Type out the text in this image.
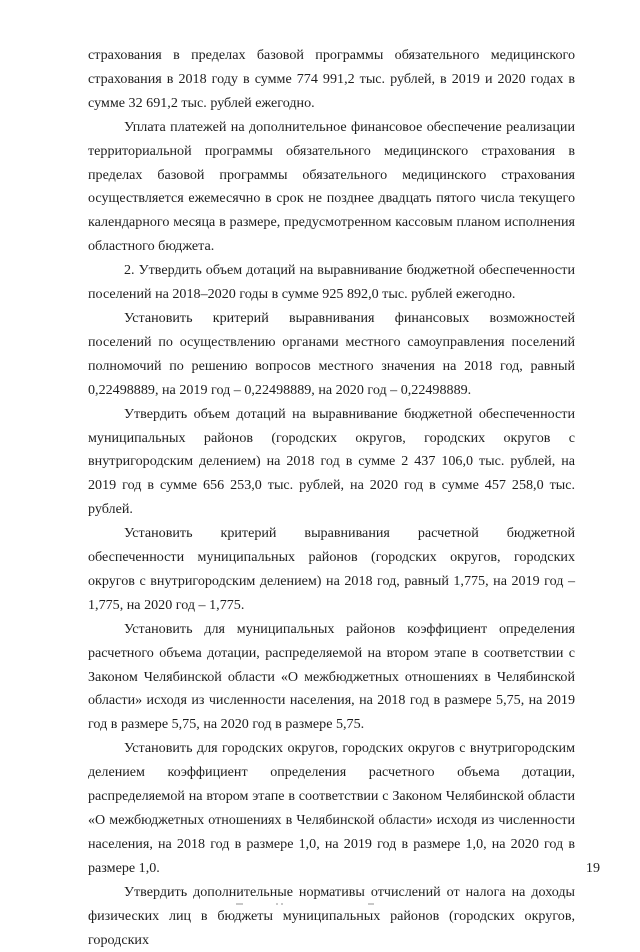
страхования в пределах базовой программы обязательного медицинского страхования в 2018 году в сумме 774 991,2 тыс. рублей, в 2019 и 2020 годах в сумме 32 691,2 тыс. рублей ежегодно.

Уплата платежей на дополнительное финансовое обеспечение реализации территориальной программы обязательного медицинского страхования в пределах базовой программы обязательного медицинского страхования осуществляется ежемесячно в срок не позднее двадцать пятого числа текущего календарного месяца в размере, предусмотренном кассовым планом исполнения областного бюджета.

2. Утвердить объем дотаций на выравнивание бюджетной обеспеченности поселений на 2018–2020 годы в сумме 925 892,0 тыс. рублей ежегодно.

Установить критерий выравнивания финансовых возможностей поселений по осуществлению органами местного самоуправления поселений полномочий по решению вопросов местного значения на 2018 год, равный 0,22498889, на 2019 год – 0,22498889, на 2020 год – 0,22498889.

Утвердить объем дотаций на выравнивание бюджетной обеспеченности муниципальных районов (городских округов, городских округов с внутригородским делением) на 2018 год в сумме 2 437 106,0 тыс. рублей, на 2019 год в сумме 656 253,0 тыс. рублей, на 2020 год в сумме 457 258,0 тыс. рублей.

Установить критерий выравнивания расчетной бюджетной обеспеченности муниципальных районов (городских округов, городских округов с внутригородским делением) на 2018 год, равный 1,775, на 2019 год – 1,775, на 2020 год – 1,775.

Установить для муниципальных районов коэффициент определения расчетного объема дотации, распределяемой на втором этапе в соответствии с Законом Челябинской области «О межбюджетных отношениях в Челябинской области» исходя из численности населения, на 2018 год в размере 5,75, на 2019 год в размере 5,75, на 2020 год в размере 5,75.

Установить для городских округов, городских округов с внутригородским делением коэффициент определения расчетного объема дотации, распределяемой на втором этапе в соответствии с Законом Челябинской области «О межбюджетных отношениях в Челябинской области» исходя из численности населения, на 2018 год в размере 1,0, на 2019 год в размере 1,0, на 2020 год в размере 1,0.

Утвердить дополнительные нормативы отчислений от налога на доходы физических лиц в бюджеты муниципальных районов (городских округов, городских

19
